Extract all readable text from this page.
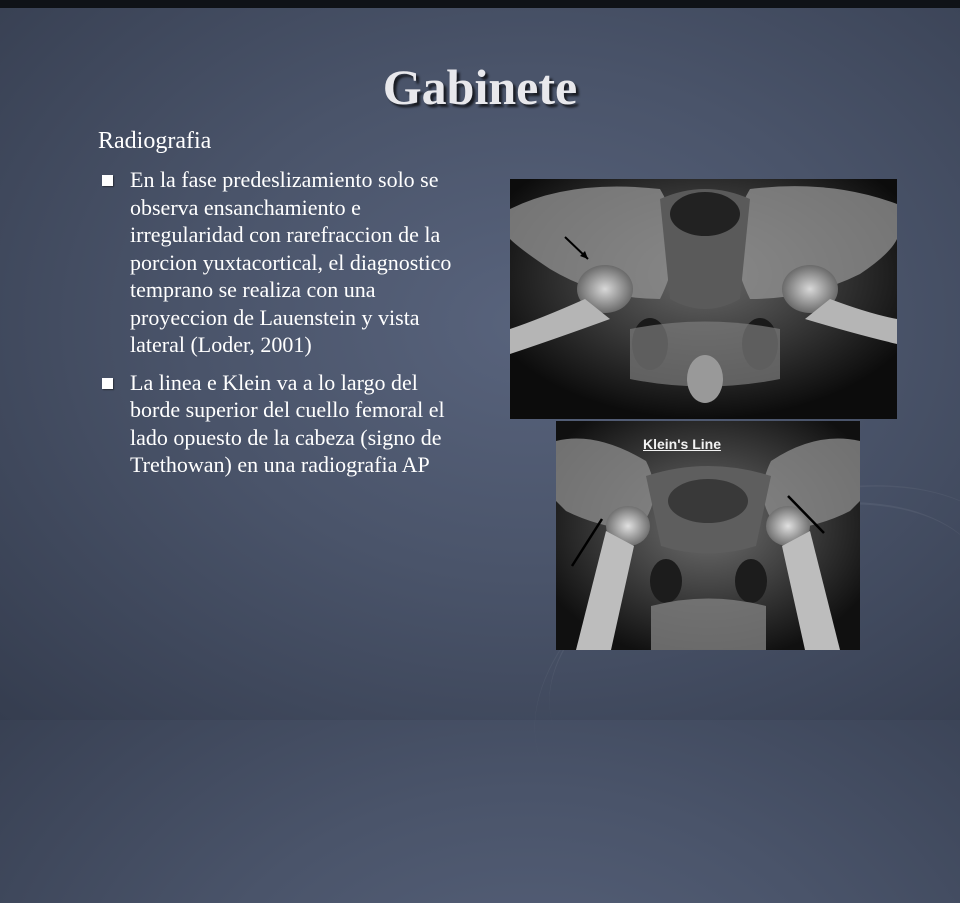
Gabinete
Radiografia
En la fase predeslizamiento solo se observa ensanchamiento e irregularidad con rarefraccion de la porcion yuxtacortical, el diagnostico temprano se realiza con una proyeccion de Lauenstein y vista lateral (Loder, 2001)
La linea e Klein va a lo largo del borde superior del cuello femoral el lado opuesto de la cabeza (signo de Trethowan) en una radiografia AP
Klein's Line
